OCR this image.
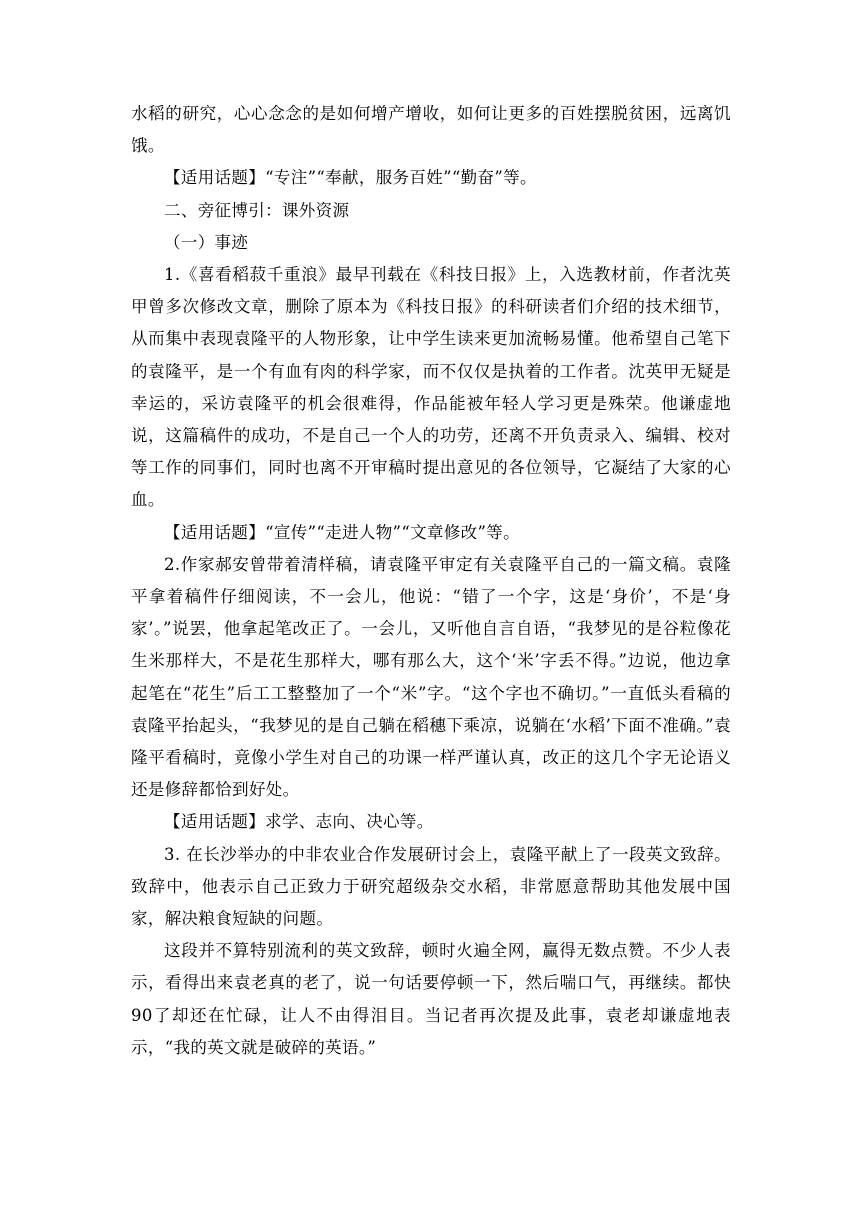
水稻的研究，心心念念的是如何增产增收，如何让更多的百姓摆脱贫困，远离饥饿。

【适用话题】“专注”“奉献，服务百姓”“勤奋”等。

二、旁征博引：课外资源

（一）事迹

1.《喜看稻菽千重浪》最早刊载在《科技日报》上，入选教材前，作者沈英甲曾多次修改文章，删除了原本为《科技日报》的科研读者们介绍的技术细节，从而集中表现袁隆平的人物形象，让中学生读来更加流畅易懂。他希望自己笔下的袁隆平，是一个有血有肉的科学家，而不仅仅是执着的工作者。沈英甲无疑是幸运的，采访袁隆平的机会很难得，作品能被年轻人学习更是殊荣。他谦虚地说，这篇稿件的成功，不是自己一个人的功劳，还离不开负责录入、编辑、校对等工作的同事们，同时也离不开审稿时提出意见的各位领导，它凝结了大家的心血。

【适用话题】“宣传”“走进人物”“文章修改”等。

2.作家郝安曾带着清样稿，请袁隆平审定有关袁隆平自己的一篇文稿。袁隆平拿着稿件仔细阅读，不一会儿，他说：“错了一个字，这是‘身价’，不是‘身家’。”说罢，他拿起笔改正了。一会儿，又听他自言自语，“我梦见的是谷粒像花生米那样大，不是花生那样大，哪有那么大，这个‘米’字丢不得。”边说，他边拿起笔在“花生”后工工整整加了一个“米”字。“这个字也不确切。”一直低头看稿的袁隆平抬起头，“我梦见的是自己躺在稻穗下乘凉，说躺在‘水稻’下面不准确。”袁隆平看稿时，竟像小学生对自己的功课一样严谨认真，改正的这几个字无论语义还是修辞都恰到好处。

【适用话题】求学、志向、决心等。

3. 在长沙举办的中非农业合作发展研讨会上，袁隆平献上了一段英文致辞。致辞中，他表示自己正致力于研究超级杂交水稻，非常愿意帮助其他发展中国家，解决粮食短缺的问题。

这段并不算特别流利的英文致辞，顿时火遍全网，赢得无数点赞。不少人表示，看得出来袁老真的老了，说一句话要停顿一下，然后喘口气，再继续。都快90了却还在忙碌，让人不由得泪目。当记者再次提及此事，袁老却谦虚地表示，“我的英文就是破碎的英语。”
